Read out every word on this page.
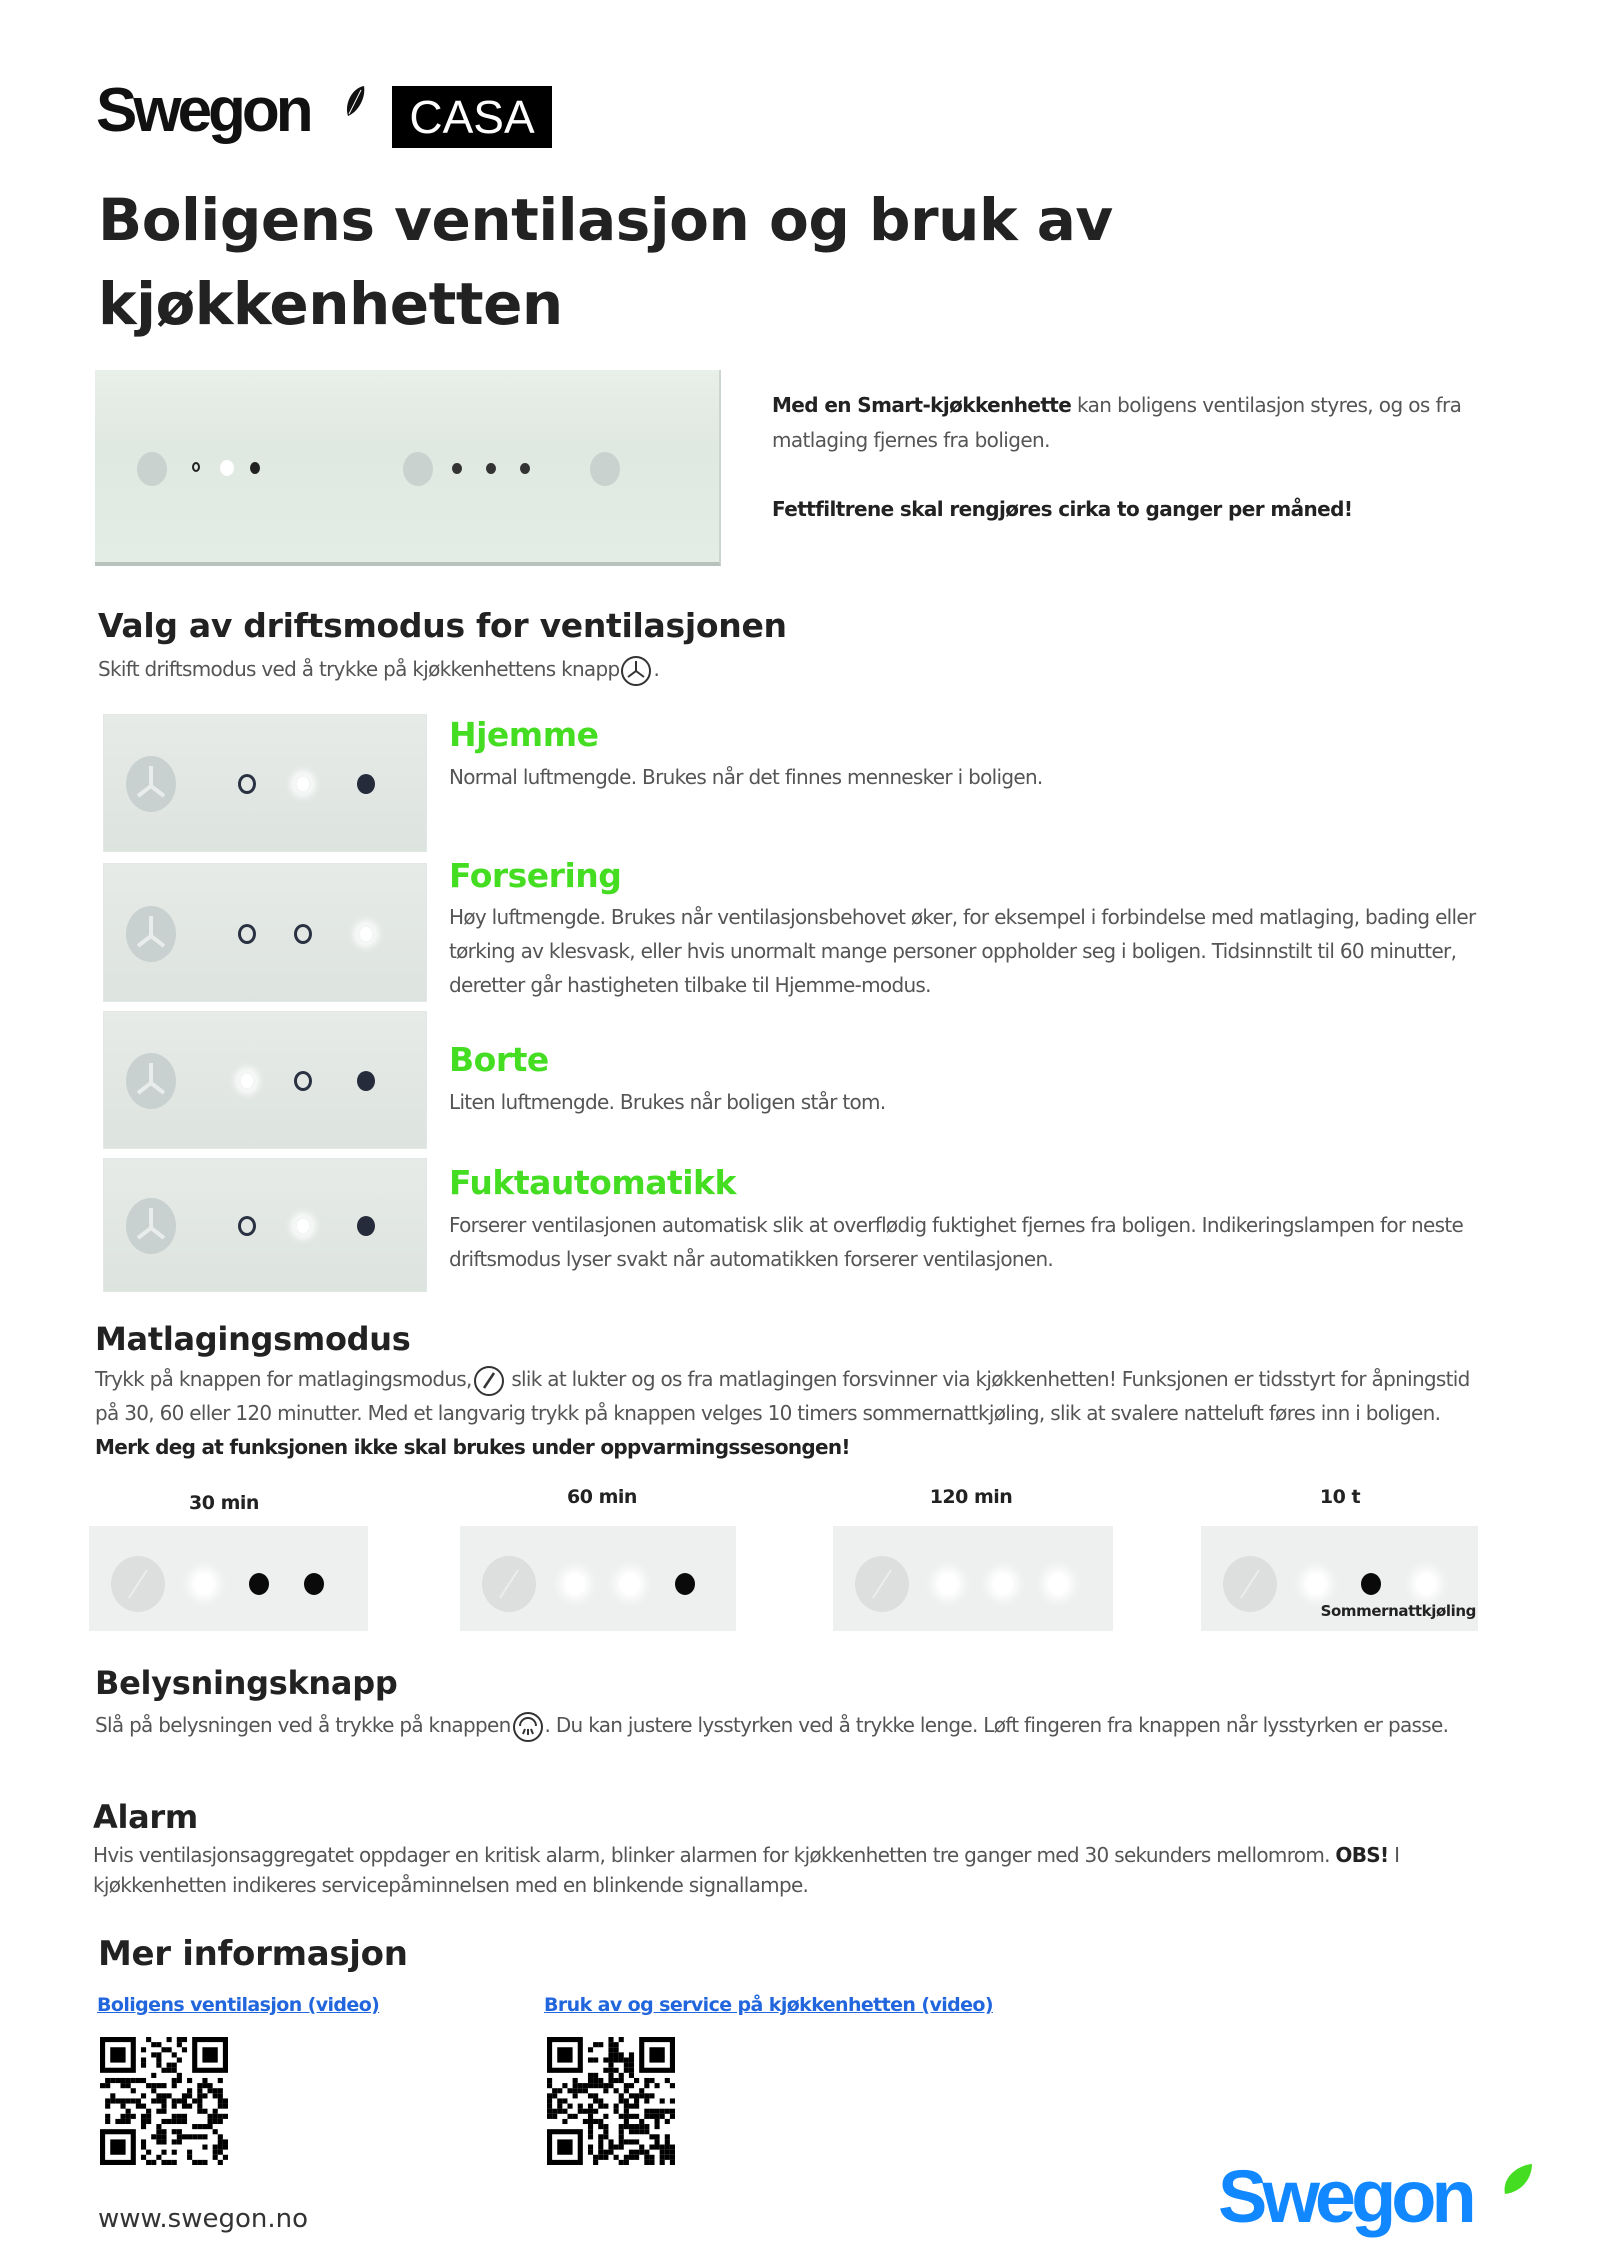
Swegon	CASA
Boligens ventilasjon og bruk av
kjøkkenhetten
Med en Smart-kjøkkenhette kan boligens ventilasjon styres, og os fra matlaging fjernes fra boligen.
Fettfiltrene skal rengjøres cirka to ganger per måned!
Valg av driftsmodus for ventilasjonen
Skift driftsmodus ved å trykke på kjøkkenhettens knapp .
Hjemme
Normal luftmengde. Brukes når det finnes mennesker i boligen.
Forsering
Høy luftmengde. Brukes når ventilasjonsbehovet øker, for eksempel i forbindelse med matlaging, bading eller tørking av klesvask, eller hvis unormalt mange personer oppholder seg i boligen. Tidsinnstilt til 60 minutter, deretter går hastigheten tilbake til Hjemme-modus.
Borte
Liten luftmengde. Brukes når boligen står tom.
Fuktautomatikk
Forserer ventilasjonen automatisk slik at overflødig fuktighet fjernes fra boligen. Indikeringslampen for neste driftsmodus lyser svakt når automatikken forserer ventilasjonen.
Matlagingsmodus
Trykk på knappen for matlagingsmodus,
slik at lukter og os fra matlagingen forsvinner via kjøkkenhetten! Funksjonen er tidsstyrt for åpningstid på 30, 60 eller 120 minutter. Med et langvarig trykk på knappen velges 10 timers sommernattkjøling, slik at svalere natteluft føres inn i boligen. Merk deg at funksjonen ikke skal brukes under oppvarmingssesongen!
30 min	60 min	120 min	10 t
Sommernattkjøling
Belysningsknapp
Slå på belysningen ved å trykke på knappen . Du kan justere lysstyrken ved å trykke lenge. Løft fingeren fra knappen når lysstyrken er passe.
Alarm
Hvis ventilasjonsaggregatet oppdager en kritisk alarm, blinker alarmen for kjøkkenhetten tre ganger med 30 sekunders mellomrom. OBS! I kjøkkenhetten indikeres servicepåminnelsen med en blinkende signallampe.
Mer informasjon
Boligens ventilasjon (video)	Bruk av og service på kjøkkenhetten (video)
www.swegon.no	Swegon
